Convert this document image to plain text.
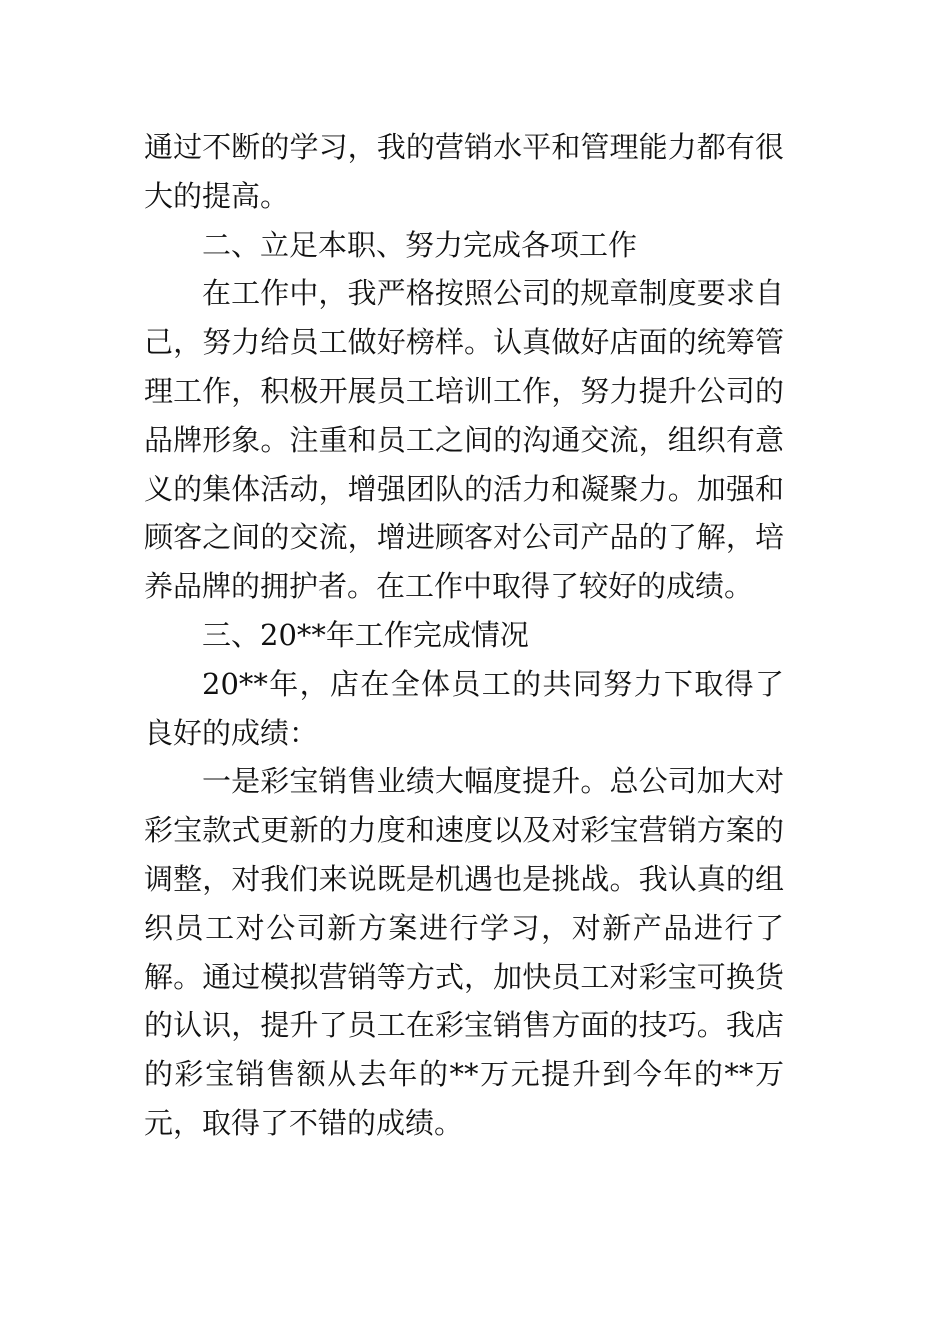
通过不断的学习，我的营销水平和管理能力都有很大的提高。

二、立足本职、努力完成各项工作

在工作中，我严格按照公司的规章制度要求自己，努力给员工做好榜样。认真做好店面的统筹管理工作，积极开展员工培训工作，努力提升公司的品牌形象。注重和员工之间的沟通交流，组织有意义的集体活动，增强团队的活力和凝聚力。加强和顾客之间的交流，增进顾客对公司产品的了解，培养品牌的拥护者。在工作中取得了较好的成绩。

三、20**年工作完成情况

20**年，店在全体员工的共同努力下取得了良好的成绩：

一是彩宝销售业绩大幅度提升。总公司加大对彩宝款式更新的力度和速度以及对彩宝营销方案的调整，对我们来说既是机遇也是挑战。我认真的组织员工对公司新方案进行学习，对新产品进行了解。通过模拟营销等方式，加快员工对彩宝可换货的认识，提升了员工在彩宝销售方面的技巧。我店的彩宝销售额从去年的**万元提升到今年的**万元，取得了不错的成绩。
